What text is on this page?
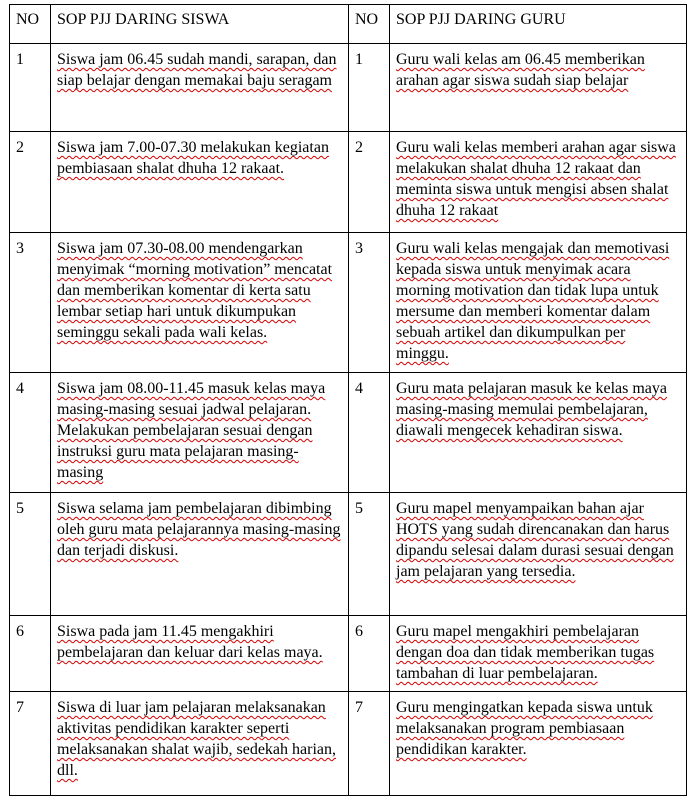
NO	SOP PJJ DARING SISWA	NO	SOP PJJ DARING GURU
1	Siswa jam 06.45 sudah mandi, sarapan, dan siap belajar dengan memakai baju seragam	1	Guru wali kelas am 06.45 memberikan arahan agar siswa sudah siap belajar
2	Siswa jam 7.00-07.30 melakukan kegiatan pembiasaan shalat dhuha 12 rakaat.	2	Guru wali kelas memberi arahan agar siswa melakukan shalat dhuha 12 rakaat dan meminta siswa untuk mengisi absen shalat dhuha 12 rakaat
3	Siswa jam 07.30-08.00 mendengarkan menyimak “morning motivation” mencatat dan memberikan komentar di kerta satu lembar setiap hari untuk dikumpukan seminggu sekali pada wali kelas.	3	Guru wali kelas mengajak dan memotivasi kepada siswa untuk menyimak acara morning motivation dan tidak lupa untuk mersume dan memberi komentar dalam sebuah artikel dan dikumpulkan per minggu.
4	Siswa jam 08.00-11.45 masuk kelas maya masing-masing sesuai jadwal pelajaran. Melakukan pembelajaran sesuai dengan instruksi guru mata pelajaran masing-masing	4	Guru mata pelajaran masuk ke kelas maya masing-masing memulai pembelajaran, diawali mengecek kehadiran siswa.
5	Siswa selama jam pembelajaran dibimbing oleh guru mata pelajarannya masing-masing dan terjadi diskusi.	5	Guru mapel menyampaikan bahan ajar HOTS yang sudah direncanakan dan harus dipandu selesai dalam durasi sesuai dengan jam pelajaran yang tersedia.
6	Siswa pada jam 11.45 mengakhiri pembelajaran dan keluar dari kelas maya.	6	Guru mapel mengakhiri pembelajaran dengan doa dan tidak memberikan tugas tambahan di luar pembelajaran.
7	Siswa di luar jam pelajaran melaksanakan aktivitas pendidikan karakter seperti melaksanakan shalat wajib, sedekah harian, dll.	7	Guru mengingatkan kepada siswa untuk melaksanakan program pembiasaan pendidikan karakter.
